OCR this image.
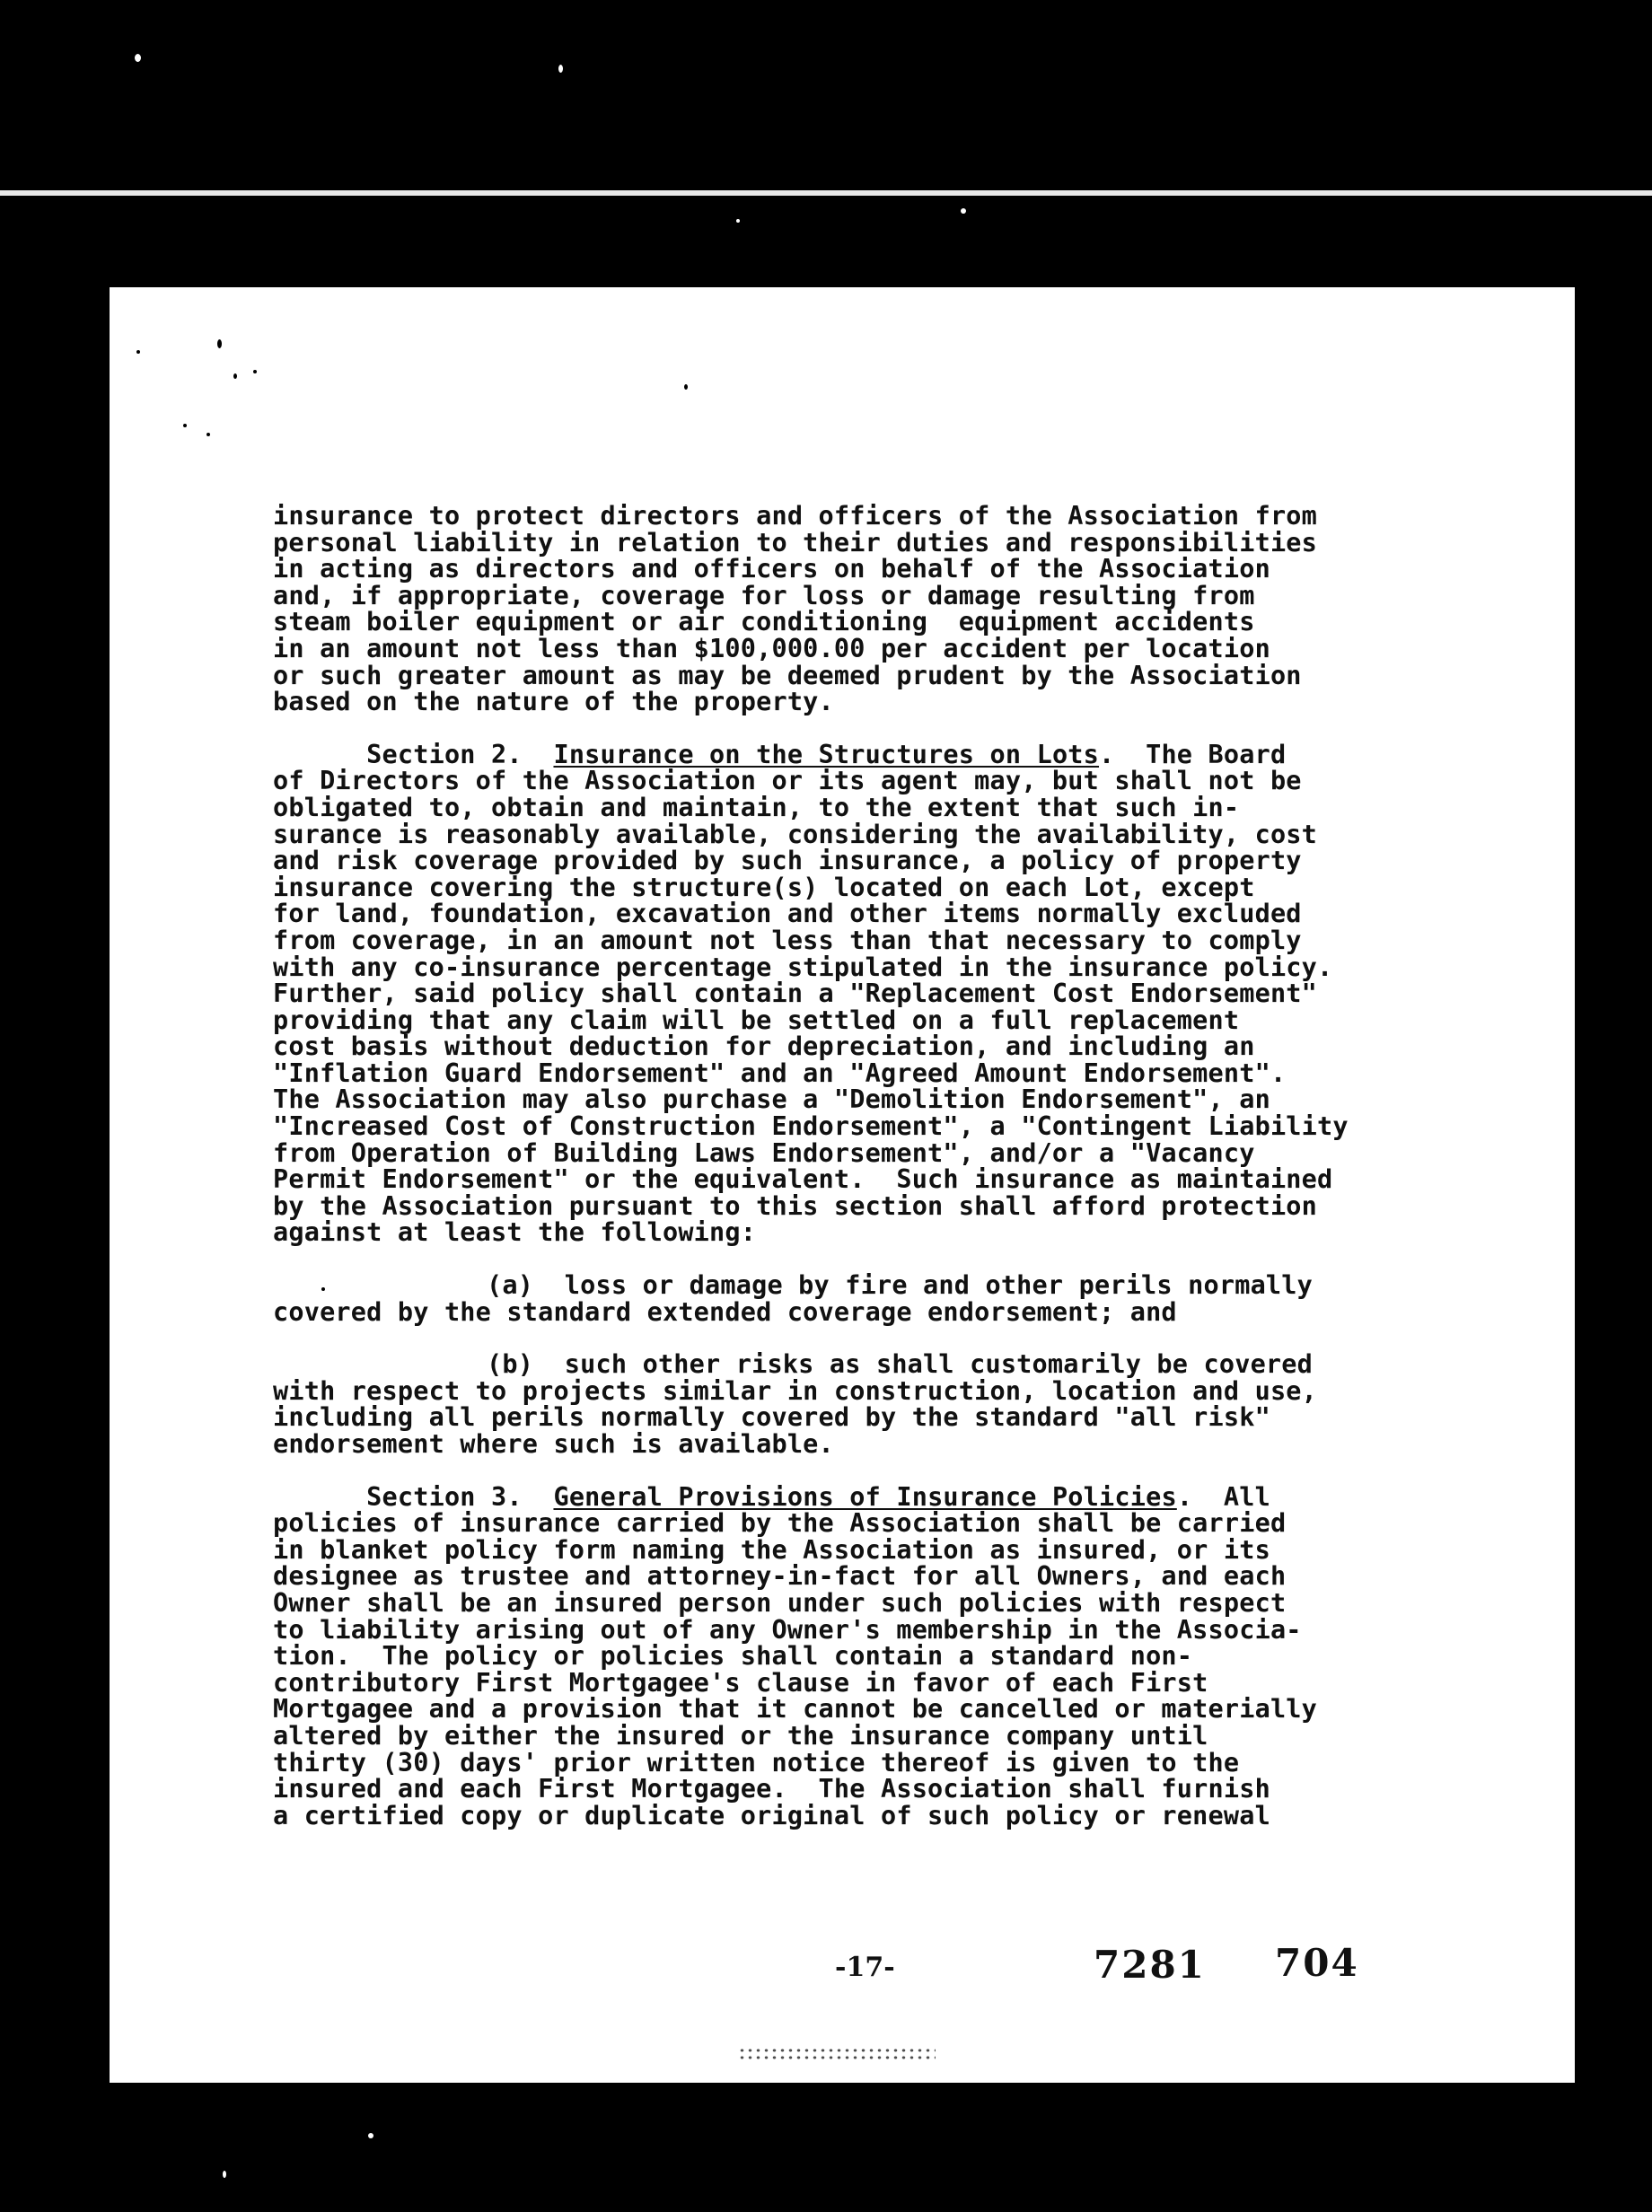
insurance to protect directors and officers of the Association from
personal liability in relation to their duties and responsibilities
in acting as directors and officers on behalf of the Association
and, if appropriate, coverage for loss or damage resulting from
steam boiler equipment or air conditioning  equipment accidents
in an amount not less than $100,000.00 per accident per location
or such greater amount as may be deemed prudent by the Association
based on the nature of the property.
Section 2. Insurance on the Structures on Lots. The Board
of Directors of the Association or its agent may, but shall not be
obligated to, obtain and maintain, to the extent that such in-
surance is reasonably available, considering the availability, cost
and risk coverage provided by such insurance, a policy of property
insurance covering the structure(s) located on each Lot, except
for land, foundation, excavation and other items normally excluded
from coverage, in an amount not less than that necessary to comply
with any co-insurance percentage stipulated in the insurance policy.
Further, said policy shall contain a "Replacement Cost Endorsement"
providing that any claim will be settled on a full replacement
cost basis without deduction for depreciation, and including an
"Inflation Guard Endorsement" and an "Agreed Amount Endorsement".
The Association may also purchase a "Demolition Endorsement", an
"Increased Cost of Construction Endorsement", a "Contingent Liability
from Operation of Building Laws Endorsement", and/or a "Vacancy
Permit Endorsement" or the equivalent.  Such insurance as maintained
by the Association pursuant to this section shall afford protection
against at least the following:
(a)  loss or damage by fire and other perils normally
covered by the standard extended coverage endorsement; and
(b)  such other risks as shall customarily be covered
with respect to projects similar in construction, location and use,
including all perils normally covered by the standard "all risk"
endorsement where such is available.
Section 3. General Provisions of Insurance Policies. All
policies of insurance carried by the Association shall be carried
in blanket policy form naming the Association as insured, or its
designee as trustee and attorney-in-fact for all Owners, and each
Owner shall be an insured person under such policies with respect
to liability arising out of any Owner's membership in the Associa-
tion.  The policy or policies shall contain a standard non-
contributory First Mortgagee's clause in favor of each First
Mortgagee and a provision that it cannot be cancelled or materially
altered by either the insured or the insurance company until
thirty (30) days' prior written notice thereof is given to the
insured and each First Mortgagee.  The Association shall furnish
a certified copy or duplicate original of such policy or renewal
-17-	7281 704
